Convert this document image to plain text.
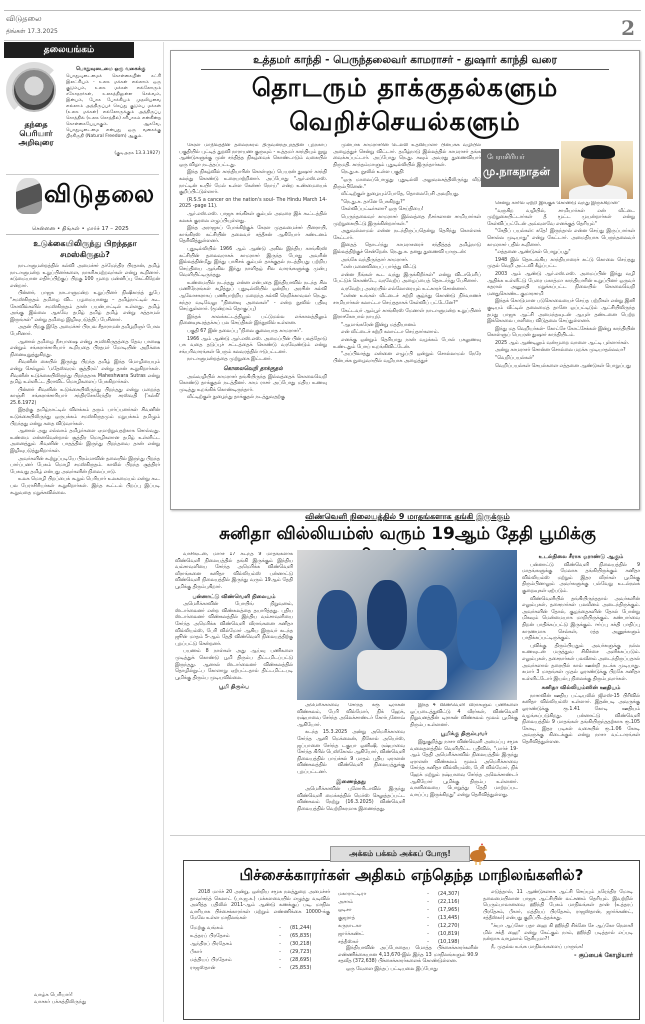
விடுதலை
திங்கள் 17.3.2025	2
தலையங்கம்
தந்தை பெரியார் அறிவுரை
பொதுவுடைமை ஒரு வகைக்கு
பொதுவுடைமைக் கொள்கையின் கட்சி இலட்சியம் - உலக மக்கள் எல்லாம் ஒரு குடும்பம், உலக மக்கள் எல்லோரும் சகோதரர்கள், உலகத்திலுள்ள செல்வம், இன்பம், போக போக்கியம் முதலியவை எல்லாம் அத்திருப்பச் செய்து குடும்ப மக்கள் (உலக மக்கள்) எல்லோருக்கும் அத்திருப்ப சொத்தில் (உலக சொத்தில்) சரிபாகம் என்கின்ற கொள்கையேயாகும். ஆகவே, பொதுவுடைமை என்பது ஒரு வகைக்கு பிரகிருதி (Natural Freedom) ஆகும்.
(குடிஅரசு 13.3.1927)
விடுதலை
சென்னை • திங்கள் • மார்ச் 17 – 2025
உடுக்கையிலிருந்து பிறந்ததா சமஸ்கிருதம்?

நாடாளுமன்றத்தில் கல்வி அமைச்சர் தர்மேந்திர பிரதான், தமிழ் நாடாளுமன்ற உறுப்பினர்களை, நாகரிகமற்றவர்கள் என்று கூறினார். கடுமையான எதிர்ப்பிற்குப் பிறகு 100 முறை மன்னிப்பு கேட்கிறேன் என்றார்.

பின்னர், பாஜக நாடாளுமன்ற உறுப்பினர் நிஷிகாந்த் துபே "சமஸ்கிருதம் தமிழை விட பழமையானது – தமிழ்நாட்டில் கூட கோவில்களில் சமஸ்கிருதம் தான் பயன்பாட்டில் உள்ளது. தமிழ் அங்கு இல்லை ஆகவே தமிழ் தமிழ் தமிழ் என்று கத்தாமல் இருங்கள்" என்று தமிழை இழிவுபடுத்திப் பேசினார்.

அதன் பிறகு இதே அமைச்சர் பிரபல சீதாராமன் தமிழறிஞர் போல பேசினார்.

ஆனால் தமிழை நீசபாஷை என்று சமஸ்கிருதத்தை தேவ பாஷை என்றும் சங்கராச்சாரியார் கூறியதை பிரதமர் மோடியின் அறிக்கை நினைவுறுத்துகிறது.

சிவனின் கையில் இருந்து பிறந்த தமிழ் இந்த மொழியையும் என்று செல்லும் 'மதேஸ்வரம் சூத்திரம்' என்று தான் கூறுகிறார்கள். சிவனின் உடுக்கையிலிருந்து பிறந்ததாக Maheshwara Sutras என்று தமிழ் உள்ளிட்ட திராவிட மொழிகளைப் பேசுகிறார்கள்.

பின்னர் சிவனின் உடுக்கையிலிருந்து பிறந்தது என்று மறைந்த காஞ்சி சங்கராச்சாரியார் சந்திரசேகரேந்திர சரஸ்வதி ('கல்கி' 25.6.1972)

இதற்கு தமிழ்நாட்டில் விளக்கம் தரும் பார்ப்பனர்கள் சிவனின் உடுக்கையிலிருந்து ஒருபக்கம் சமஸ்கிருதமும் மறுபக்கம் தமிழும் பிறந்தது என்று கதை விடுவார்கள்.

ஆனால் அது எல்லாம் தமிழர்களை ஏமாற்றுவதற்காக சொல்வது. உண்மை என்னவென்றால் சூத்திர மொழிகளான தமிழ் உள்ளிட்ட அனைத்தும் சிவனின் பாதத்தில் இருந்து பிறந்தவை தான் என்று இழிவுபடுத்துகிறார்கள்.

அவர்களின் கூற்றுப்படியே பிரம்மாவின் தலையில் இருந்து பிறந்த பார்ப்பனர் பேசும் மொழி சமஸ்கிருதம். காலில் பிறந்த சூத்திரர் பேசுவது தமிழ் என்பது அவர்களின் நிலைப்பாடு.

உலக மொழி பிறப்பைக் கூறும் பெரியார் உலகமையம் என்று கூட பல பேராசிரியர்கள் கூறுகிறார்கள். இந்த கூட்டம் பிறப்பு இப்படி கூறுவதை மறுக்கவில்லை.

வாழ்க பெரியார்!
வாசகர் பக்கத்திலிருந்து
உத்தமர் காந்தி - பெருந்தலைவர் காமராசர் - துஷார் காந்தி வரை
தொடரும் தாக்குதல்களும்
வெறிச்செயல்களும்

கேரள மாநிலத்தின் தலைநகரம் திருவனந்தபுரத்தின் புறநகர்ப் பகுதியில் புட்டித் துறவி நாராயண குருவும் - உத்தமர் காந்தியும் நூறு ஆண்டுகளுக்கு முன் சந்தித்த நிகழ்வைக் கொண்டாடும் வகையில் ஒரு விழா நடத்தப்பட்டது.

இந்த நிகழ்வில் காந்தியாரின் கொள்ளுப் பெயரன் துஷார் காந்தி கலந்து கொண்டு உரையாற்றினார். அப்போது "ஆர்.எஸ்.எஸ். நாட்டின் உயிர் மேல் உள்ள கேன்சர் நோய்" என்ற உண்மையைக் குறிப்பிட்டுள்ளார்.

(R.S.S a cancer on the nation's soul- The Hindu March 14- 2025 -page 11).

ஆர்.எஸ்.எஸ். பாஜக சங்கிகள் கும்பல் அவரை இக் கூட்டத்தில் கலகக் குரலை எழுப்பியுள்ளது.

இந்த அராஜகப் போக்கிற்குக் கேரள முதலமைச்சர் பினராயி, காங்கிரஸ் கட்சியின் தலைவர் சத்தீசன் ஆகியோர் கண்டனம் தெரிவித்துள்ளனர்.

புதுடில்லியில் 1966 ஆம் ஆண்டு அகில இந்திய காங்கிரஸ் கட்சியின் தலைவராகக் காமராசர் இருந்த போது அவரின் இல்லத்தின்மீது இந்து பாசிசக் கும்பல் தாக்குதல் நடத்தியது பற்றிய செய்தியை ஆங்கில இந்து நாளிதழ் சில வாரங்களுக்கு முன்பு வெளியிட்டிருந்தது.

உண்மையில் நடந்தது என்ன என்பதை இந்தியாவில் நடந்த சில மணிநேரங்கள் கழித்துப் புதுடில்லியில் ஒன்றிய அரசின் கல்வி ஆலோசகராகப் பணியாற்றிய மறைந்த கல்வி நெறிக்காவலர் நெ.து. சுந்தர வடிவேலு "நினைவு அலைகள்" - என்ற நூலில் பதிவு செய்துள்ளார். (மூன்றாம் தொகுப்பு)

இந்தக் காலக்கட்டத்திலும் பட்டுமல்ல எக்காலத்திலும் நினைவுகூரத்தக்கப் பல செய்திகள் இந்நூலில் உள்ளன.

பகுதி 67 இன் தலைப்பு "நிலை குலையாத காமராசர்".

1966 ஆம் ஆண்டு ஆர்.எஸ்.எஸ். அமைப்பின் பின் பலத்தோடு பசு வதை தடுப்புச் சட்டத்தைக் கொண்டு வரவேண்டும் என்று சங்பரிவாரங்கள் பெரும் கலவரத்தில் ஈடுபட்டனர்.

நாடாளுமன்றத்தை முற்றுகை இட்டனர்.

கொலைவெறி தாக்குதல்

அவ்வழியில் காமராசர் தங்கியிருந்த இல்லத்தைக் கொலைவெறி கொண்டு தாக்குதல் நடத்தினர். காம ராசர் அப்போது மதிய உணவு முடித்து உறங்கிக் கொண்டிருந்தார்.

வீட்டிற்குள் நுழைந்து தாக்குதல் நடத்துவதற்கு

முன்பாக காமராசரின் டெல்லி உதவியாளர் பின்பக்க வழியில் அழைத்துச் சென்று விட்டார். தமிழ்நாடு இல்லத்தில் காமராசர் தங்க வைக்கப்பட்டார். அப்போது நெ.து. சுவும் அவரது துணைவியார் திருமதி. காந்தம்மாளும் புதுடில்லியில் இருந்தார்கள்.

நெ.து.சு. நூலில் உள்ள பகுதி:

"ஒரு மாலைப்பொழுது புதுடில்லி அலுவலகத்திலிருந்து வீடு திரும்பினேன்."

வீட்டிற்குள் நுழையும்போதே, தொலைபேசி அலறியது.

"நெ.து.சு. தானே பேசுகிறது?"

கேள்விப்பட்டீர்களா? ஒரு செய்தியை!

பெருந்தலைவர் காமராசர் இல்லத்தை நீசர்களான சாமியார்கள் முற்றுகையிட்டு இருக்கின்றார்கள்."

அதுவல்லாமல் என்ன நடந்திருப்பதென்று தெரிந்து கொள்ளக் கேட்டார்.

இதைத் தொடர்ந்து காமராசரைச் சந்தித்தத் தமிழ்நாடு இல்லத்திற்குச் சென்றேன். நெ.து.சு. தனது துணைவி யாருடன்:

அங்கே வந்திருந்தார் காமராசர்.

"என் மனைவியைப் பார்த்து விட்டு

என்ன நீங்கள் கூட வந்து இருக்கிறீர்கள்" என்று விடாமெரிப் பேட்டுக் கொண்டே, வரவேற்ப் அழைப்பைத் தொடர்ந்து பேசினார்.

வரவேற்பு அறையில் எல்லோரையும் உட்காரச் சொன்னார்.

"என்ன உங்கள் வீட்டைச் சுற்றி சூழ்ந்து கொண்டு நிர்வாணச் சாமியார்கள் கலாட்டா செய்ததாகக் கேள்விப் பட்டேனே?"

கேட்டவர் ஆம்பூர் காங்கிரஸ் மேனாள் நாடாளுமன்ற உறுப்பினர் இராசகோபால் நாயுடு.

"ஆமாங்கரேன் இன்று மத்தியானம்

என் வீட்டைச் சுற்றி கலாட்டா செய்தார்களாம்.

எனக்கு ஒன்றும் தெரியாது நான் வழக்கம் போல் பகலுணவு உண்டதும் போய் உறங்கிவிட்டேன்.

"அப்பிலாத்து என்னை எழுப்பி ஒன்றும் சொல்லாமல் நேரே பின்பக்க நுழைவாயில் வழியாக அழைத்துச்

பேராசிரியர்
மு.நாகநாதன்

சென்று காரில் ஏற்றி இங்குக் கொண்டு வந்து இருக்கிறான்"

"வருகிற வழியில், சாமியார்கள் என் வீட்டை முற்றுகையிட்டார்கள் தீ மூட்ட முயன்றார்கள் என்று கேள்விப்பட்டேன் அவ்வளவே எனக்குத் தெரியும்"

"சேதிப் பயல்கள்: கதே! இருந்தால் என்ன செய்து இருப்பார்கள் சொல்ல முடியாது" என்று கேட்டார். அமைதியாக பெருந்தலைவர் காமராசர் பதில் கூறினார்.

"எத்தனை ஆண்டுகள் பொறுப்பது"

1948 இல் தொடங்கிய காந்தியாரைச் சுட்டு கொலை செய்தது முதல் வெறி அட்டவி கீழ்ப்பட்ட

2003 ஆம் ஆண்டு ஆர்.எஸ்.எஸ். அமைப்பின் இந்து வழி ஆதிக்க உள்ளீட்டு பேரை மகாத்மா காந்தியாரின் உறுப்பினர் ஒருவர் கதரால் அனுமதி மறுக்கப்பட்ட நிலையில் கொலைவெறி மனதுகொண்ட குமாரசாமி

இந்தக் கொடுமான படுகொலையைச் செய்த பற்றிகள் என்று இனி குடியம் வீட்டில் தலைமைத் தானே ஒப்பட்டிடும் ஆட்சியிலிருந்த தமது பாஜக ஆட்சி அமைந்தவுடன் ஆயுள் தண்டனை பெற்ற இக்கொலை பாளியை விடுதலை செய்துள்ளனர்.

இந்து மத வெறியர்கள்- கோட்சே கோட்சேக்கள் இன்று காந்தியின் கொள்ளுப் பெயரன் துஷார் காந்தியிடம்.

2025 ஆம் ஆண்டிலும் வன்முறை வாளை ஆட்டி புள்ளார்கள்.

அன்று காமராசர் சொன்ன சொல்லை மறக்க முடியாதல்லவா?

"வெறிப்பயல்கள்"

வெறிப்பயல்கள் செயல்களை எத்தனை ஆண்டுகள் பொறுப்பது

விண்வெளி நிலையத்தில் 9 மாதங்களாக தங்கி இருக்கும்
சுனிதா வில்லியம்ஸ் வரும் 19ஆம் தேதி பூமிக்கு

வாசிங்டன், மார்ச் 17 கடந்த 9 மாதங்களாக விண்வெளி நிலையத்தில் தங்கி இருக்கும் இந்திய வம்சாவளியை சேர்ந்த அமெரிக்க விண்வெளி வீராங்கனை சுனிதா வில்லியம்ஸ் பன்னாட்டு விண்வெளி நிலையத்தில் இருந்து வரும் 19ஆம் தேதி பூமிக்கு திரும்புகிறார்.

பன்னாட்டு விண்வெளி நிலையம்

அமெரிக்காவின் போயிங் நிறுவனம், ஸ்டார்லைனர் என்ற விண்கலத்தை தயாரித்தது. புதிய ஸ்டார்லைனர் விண்கலத்தில் இந்திய வம்சாவளியை சேர்ந்த அமெரிக்க விண்வெளி வீராங்கனை சுனிதா வில்லியம்ஸ், பேரி வில்மோர் ஆகிய இருவர் கடந்த ஜூன் மாதம் 5-ஆம் தேதி விண்வெளி நிலையத்திற்கு புறப்பட்டு சென்றனர்.

பயணம் 8 நாள்கள் அது ஆய்வு பணிகளை முடித்துக் கொண்டு பூமி திரும்ப திட்டமிடப்பட்டு இருந்தது. ஆனால் ஸ்டார்லைனர் விண்கலத்தில் தொழில்நுட்ப கோளாறு ஏற்பட்டதால் திட்டமிட்டபடி பூமிக்கு திரும்ப முடியவில்லை.

பூமி திரும்ப

அமெரிக்காவை சேர்ந்த க்ரூ டிராகன் விண்கலம், பேரி வில்மோர், நிக் ஹேக், ரஷ்யாவை சேர்ந்த அலெக்சாண்டர் கோர்புனோவ் ஆகியோர்.

கடந்த 15.3.2025 அன்று அமெரிக்காவை சேர்ந்த ஆனி மெக்லைன், நிகோல் அயெர்ஸ், ஜப்பானை சேர்ந்த டகுயா ஒனிஷி, ரஷ்யாவை சேர்ந்த கிரில் பெஸ்கோவ் ஆகியோர், விண்வெளி நிலையத்தில் பாய்ச்சல் 9 மாதம் புதிய ஏராளன் விண்கலத்தில் விண்வெளி நிலையத்துக்கு புறப்பட்டனர்.

இணைந்தது

அமெரிக்காவின் புளோரிடாவில் இருந்து விண்வெளி மைக்கத்தில் மெர்ஸ் செலுத்தப்பட்ட விண்கலம் நேற்று (16.3.2025) விண்வெளி நிலையத்தில் வெற்றிகரமாக இணைந்தது.

இந்த 4 விண்வெளி வீரர்களும் பணிகளை ஒப்படைத்துவிட்டு 4 வீரர்கள், விண்வெளி நிறுவனத்தின் டிராகன் விண்கலம் மூலம் பூமிக்கு திரும்ப உள்ளனர்.

பூமிக்கு திரும்புவர்

இதுகுறித்து நாசா விண்வெளி அமைப்பு சமூக வலைதளத்தில் வெளியிட்ட பதிவில், "மார்ச் 19-ஆம் தேதி அமெரிக்காவில் நிலையத்தில் இருந்து ஏராளன் விண்கலம் மூலம் அமெரிக்காவை சேர்ந்த சுனிதா வில்லியம்ஸ், பேரி வில்மோர், நிக் ஹேக் மற்றும் ரஷ்யாவை சேர்ந்த அலெக்சாண்டர் ஆகியோர் பூமிக்கு திரும்ப உள்ளனர். வானிலையை பொறுத்து தேதி மாற்றப்பட வாய்ப்பு இருக்கிறது" என்று தெரிவித்துள்ளது.

உடல்நிலை சீராக ஓராண்டு ஆகும்

பன்னாட்டு விண்வெளி நிலையத்தில் 9 மாதங்களுக்கு மேலாக தங்கியிருக்கும் சுனிதா வில்லியம்ஸ் மற்றும் இதர வீரர்கள் பூமிக்கு திரும்பினாலும் அவர்களுக்கு பல்வேறு உடல்நலக் குறைவுகள் ஏற்படும்.

விண்வெளியில் தங்கியிருந்ததால் அவர்களின் எலும்புகள், தசைநார்கள் பலவீனம் அடைந்திருக்கும். அவர்களின் தோல், குழந்தைகளின் தோல் போன்று மிகவும் மென்மையாக மாறியிருக்கும். கண்பார்வை திறன் பாதிக்கப்பட்டு இருக்கும். ஈர்ப்பு சக்தி பாதிப்பு காரணமாக செல்கள், ரத்த அணுக்களும் பாதிக்கப்பட்டிருக்கும்.

புவிக்கு திரும்பியதும் அவர்களுக்கு நல்ல உணவுடன் மருத்துவ சிகிச்சை அளிக்கப்படும். எலும்புகள், தசைநார்கள் பலவீனம் அடைந்திருப்பதால் அவர்களால் தரையில் கால் ஊன்றி நடக்க முடியாது. சுமார் 3 மாதங்கள் முதல் ஓராண்டுக்கு பிறகே சுனிதா உள்ளிட்டோர் இயல்பு நிலைக்கு திரும்புவார்கள்.

சுனிதா வில்லியம்ஸின் ஊதியம்

நாசாவின் ஊதிய பட்டியலில் ஜிஎஸ்-15 பிரிவில் சுனிதா வில்லியம்ஸ் உள்ளார். இதன்படி அவருக்கு ஓராண்டுக்கு ரூ.1.41 கோடி ஊதியம் வழங்கப்படுகிறது. பன்னாட்டு விண்வெளி நிலையத்தில் 9 மாதங்கள் தங்கியிருந்ததற்காக ரூ.105 கோடி, இதர படிகள் வகையில் ரூ.1.06 கோடி அவருக்கு கிடைக்கும் என்று நாசா வட்டாரங்கள் தெரிவித்துள்ளன.

அக்கம் பக்கம் அக்கப் போரு!
பிச்சைக்காரர்கள் அதிகம் எந்தெந்த மாநிலங்களில்?

2018 மார்ச் 20 அன்று, ஒன்றிய சமூக நலத்துறை அமைச்சர் தாவர்சந்த் கெலாட் (பா.ஜ.க.) மக்களவையில் எழுத்து வடிவில் அளித்த பதிலில் 2011-ஆம் ஆண்டு கணக்குப் படி, மாநில வாரியாக பிச்சைக்காரர்கள் மற்றும் எண்ணிக்கை 10000-க்கு மேலே உள்ள மாநிலங்கள்

மேற்கு வங்கம்	-	(81,244)
உத்தரப் பிரதேசம்	-	(65,835)
ஆந்திரப் பிரதேசம்	-	(30,218)
பீகார்	-	(29,723)
மத்தியப் பிரதேசம்	-	(28,695)
ராஜஸ்தான்	-	(25,853)
மகாராட்டிரா	-	(24,307)
அசாம்	-	(22,116)
ஒடிசா	-	(17,965)
குஜராத்	-	(13,445)
கருநாடகா	-	(12,270)
ஜார்க்கண்ட்	-	(10,819)
சத்தீஸ்கர்	-	(10,198)

இந்தியாவின் அப்போதைய மொத்த பிச்சைக்காரர்களின் எண்ணிக்கையான 4,13,670-இல் இந்த 13 மாநிலங்களும் 90.9 சதவீத (372,638) பிச்சைக்காரர்களைக் கொண்டுள்ளன.

ஒரு வேளை இந்தப் பட்டியலை இப்போது

எடுத்தால், 11 ஆண்டுகளாக ஆட்சி செய்யும் நரேந்திர மோடி தலைமையிலான பாஜக ஆட்சியின் லட்சணம் தெரியும். இவற்றில் பெரும்பாலானவை ஹிந்தி பேசும் மாநிலங்கள் தான் (உத்தரப் பிரதேசம், பீகார், மத்தியப் பிரதேசம், ராஜஸ்தான், ஜார்க்கண்ட், சத்தீஸ்கர்) என்பது குறிப்பிடத்தக்கது.

"க்யா ஆப்கோ பதா ஹை கி ஹிந்தி சிக்னே சே ஆப்கோ நௌகரீ மில் சக்தீ ஹை" என்று கேட்கும் நாம், ஹிந்தி படித்தால் எப்படி நன்றாக வாழலாம் தெரியுமா?!

நீ, முதல்ல உங்க மாநிலங்களைப் பாருங்க!

- குப்பைக் கோழியார்
